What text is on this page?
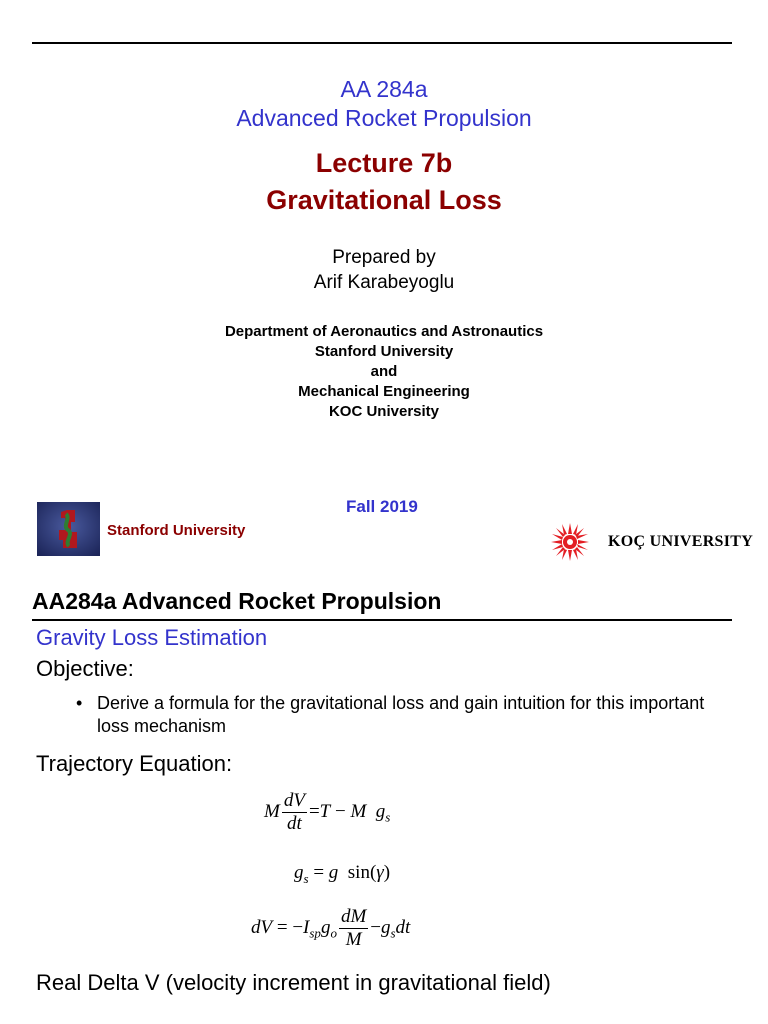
AA 284a
Advanced Rocket Propulsion
Lecture 7b
Gravitational Loss
Prepared by
Arif Karabeyoglu
Department of Aeronautics and Astronautics
Stanford University
and
Mechanical Engineering
KOC University
Fall 2019
Stanford University
KOÇ UNIVERSITY
AA284a Advanced Rocket Propulsion
Gravity Loss Estimation
Objective:
• Derive a formula for the gravitational loss and gain intuition for this important loss mechanism
Trajectory Equation:
M $\frac{dV}{dt} =T - M$  $g_s$
$g_s = g$  sin(γ)
dV = $-I_{sp}g_o \frac{dM}{M} -g_sdt$
Real Delta V (velocity increment in gravitational field)
